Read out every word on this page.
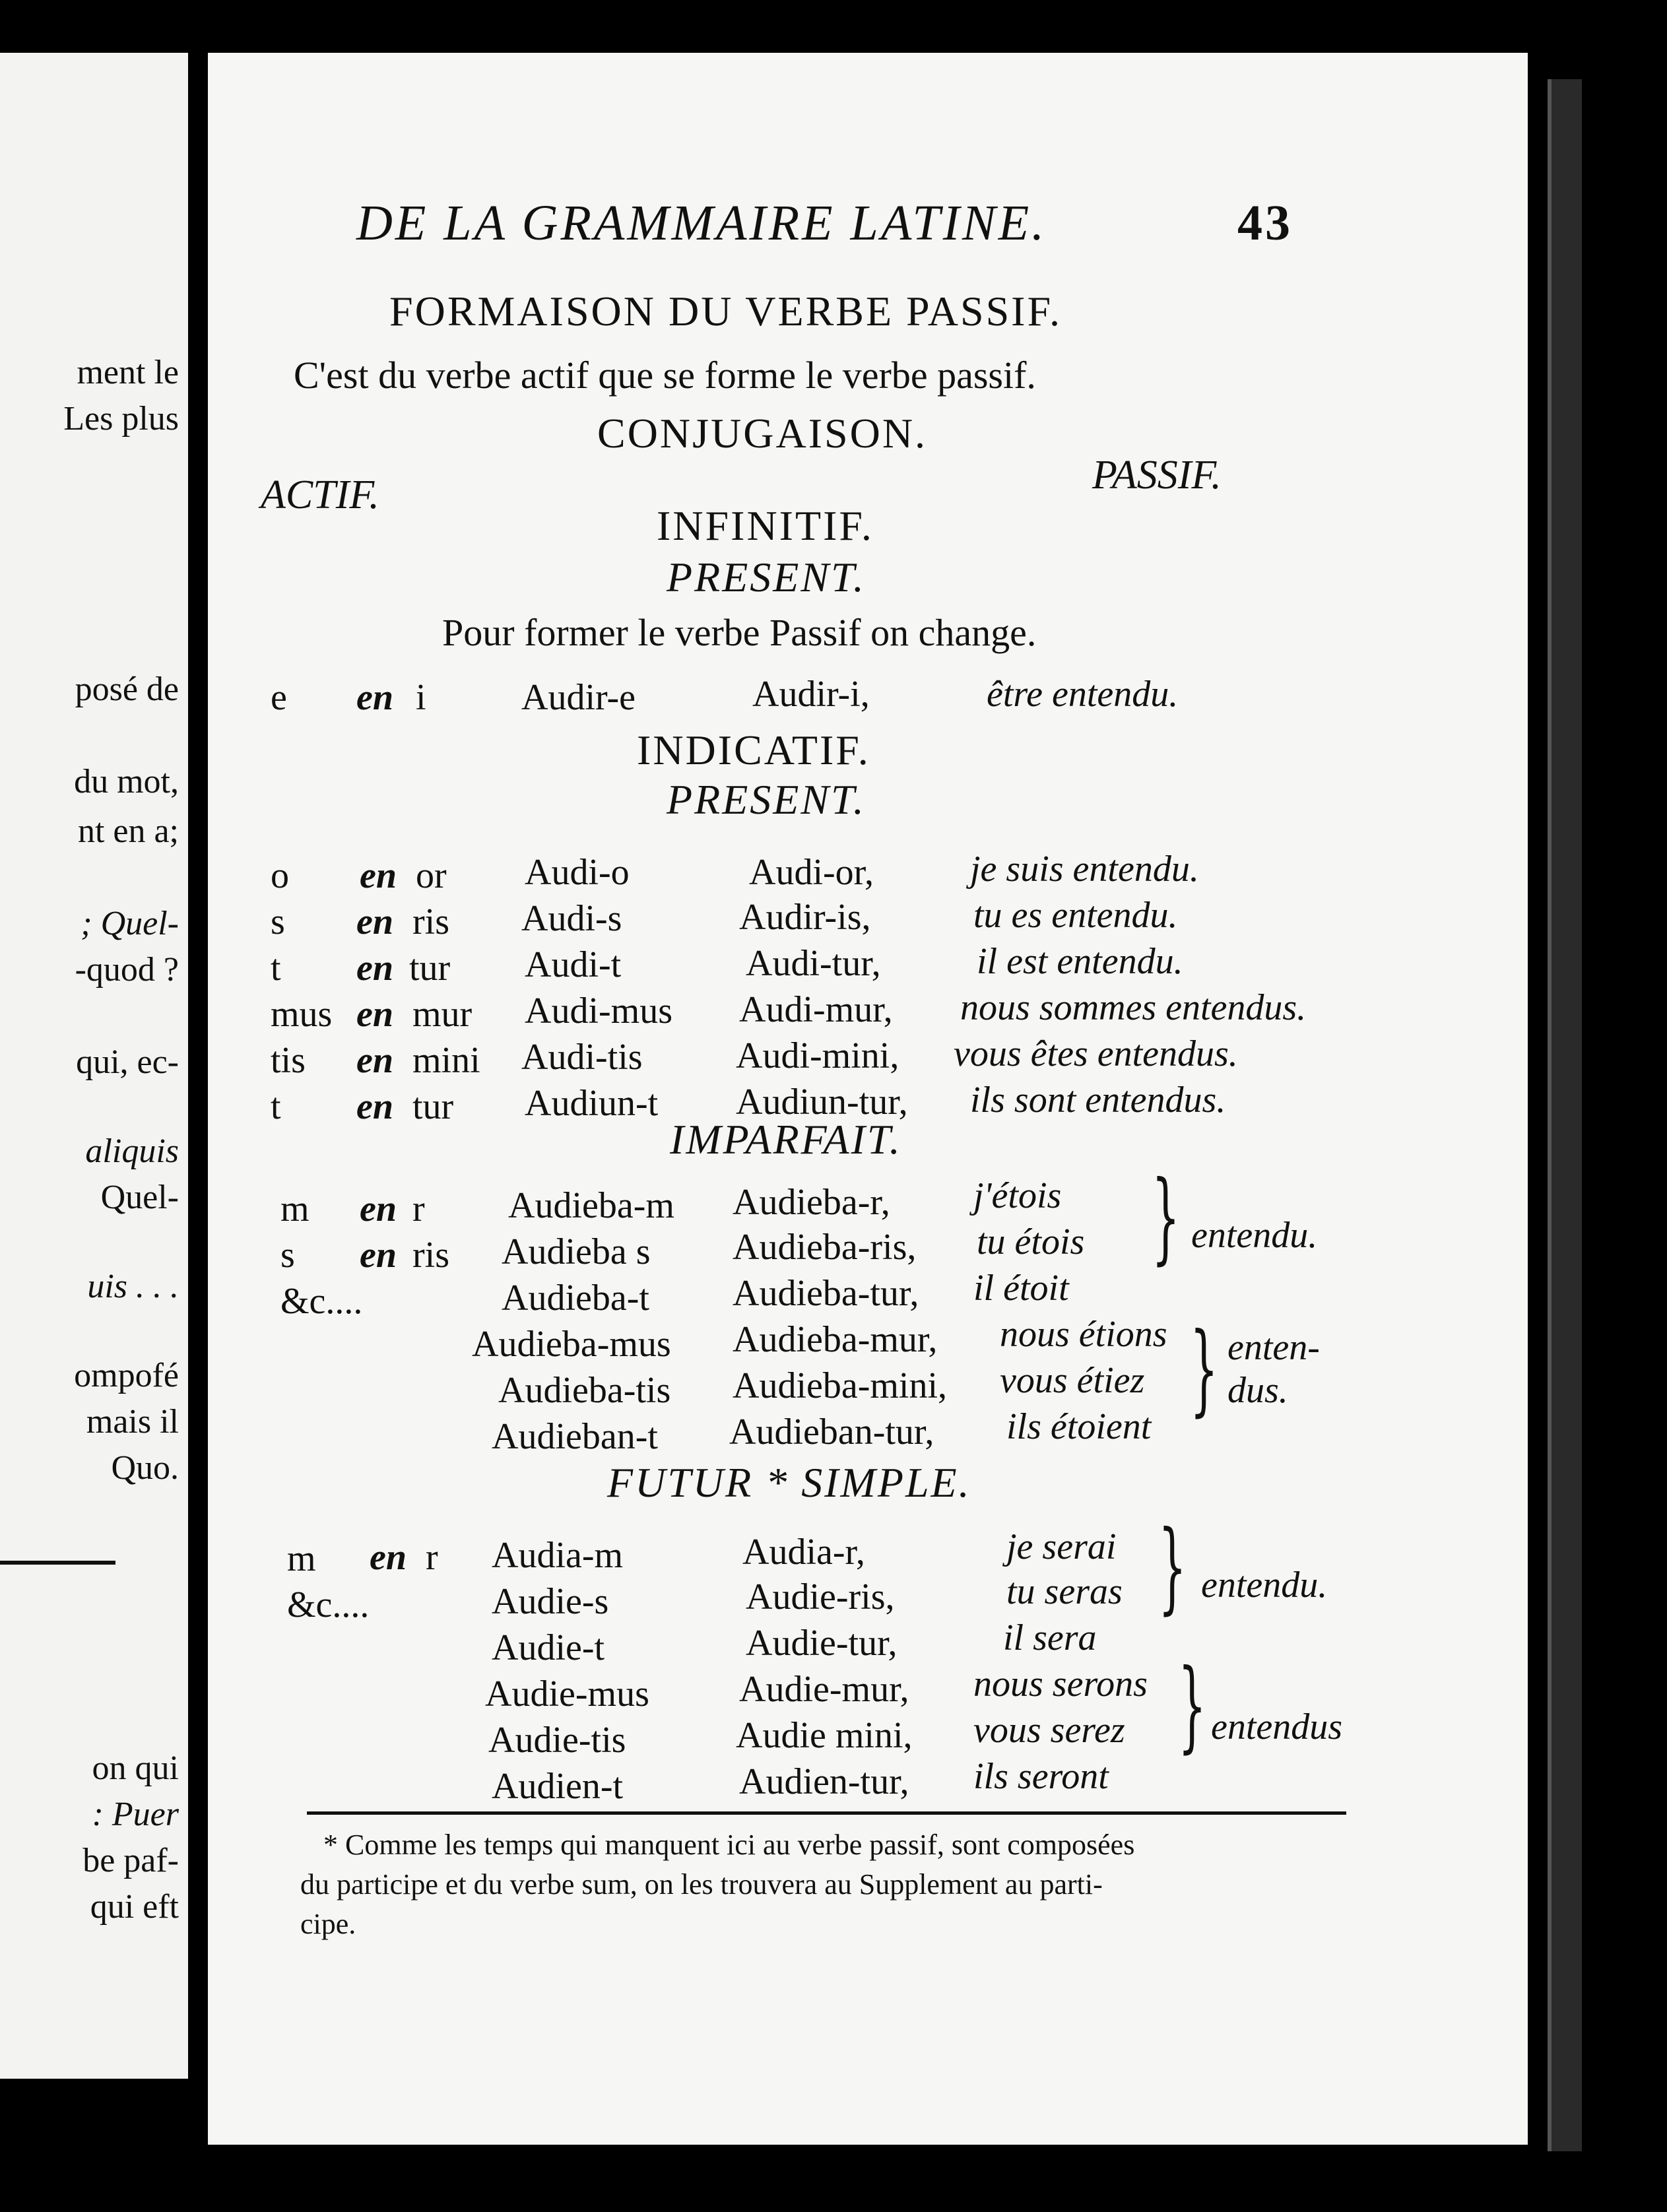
ment le
Les plus
posé de
du mot,
nt en a;
; Quel-
-quod ?
qui, ec-
aliquis
Quel-
uis . . .
ompofé
mais il
Quo.
on qui
: Puer
be paf-
qui eft
DE LA GRAMMAIRE LATINE.	43
FORMAISON DU VERBE PASSIF.
C'est du verbe actif que se forme le verbe passif.
CONJUGAISON.
ACTIF.	PASSIF.
INFINITIF.
PRESENT.
Pour former le verbe Passif on change.
e en i	Audir-e	Audir-i,	être entendu.
INDICATIF.
PRESENT.
o en or Audi-o	Audi-or,	je suis entendu.
s en ris Audi-s	Audir-is,	tu es entendu.
t en tur Audi-t	Audi-tur,	il est entendu.
mus en mur Audi-mus Audi-mur, nous sommes entendus.
tis en mini Audi-tis	Audi-mini, vous êtes entendus.
t en tur Audiun-t Audiun-tur, ils sont entendus.
IMPARFAIT.
m en r Audieba-m Audieba-r, j'étois
s en ris Audieba s Audieba-ris, tu étois
&c....	Audieba-t Audieba-tur, il étoit
Audieba-mus Audieba-mur, nous étions
Audieba-tis Audieba-mini, vous étiez
Audieban-t Audieban-tur, ils étoient
} entendu.
} enten-
dus.
FUTUR * SIMPLE.
m en r Audia-m	Audia-r,	je serai
&c....	Audie-s	Audie-ris,	tu seras
Audie-t	Audie-tur,	il sera
Audie-mus Audie-mur, nous serons
Audie-tis	Audie mini, vous serez
Audien-t	Audien-tur, ils seront
} entendu.
} entendus
* Comme les temps qui manquent ici au verbe passif, sont composées
du participe et du verbe sum, on les trouvera au Supplement au parti-
cipe.
